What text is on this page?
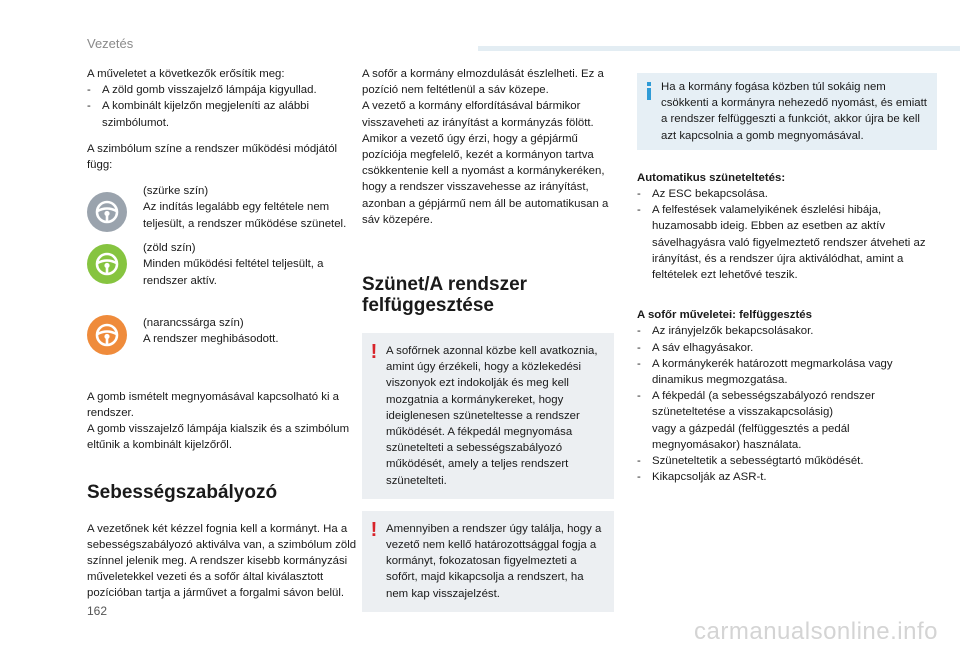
Vezetés

A műveletet a következők erősítik meg:

- A zöld gomb visszajelző lámpája kigyullad.
- A kombinált kijelzőn megjeleníti az alábbi szimbólumot.

A szimbólum színe a rendszer működési módjától függ:

(szürke szín)

Az indítás legalább egy feltétele nem teljesült, a rendszer működése szünetel.

(zöld szín)

Minden működési feltétel teljesült, a rendszer aktív.

(narancssárga szín)

A rendszer meghibásodott.

A gomb ismételt megnyomásával kapcsolható ki a rendszer.
A gomb visszajelző lámpája kialszik és a szimbólum eltűnik a kombinált kijelzőről.

Sebességszabályozó

A vezetőnek két kézzel fognia kell a kormányt. Ha a sebességszabályozó aktiválva van, a szimbólum zöld színnel jelenik meg. A rendszer kisebb kormányzási műveletekkel vezeti és a sofőr által kiválasztott pozícióban tartja a járművet a forgalmi sávon belül.

A sofőr a kormány elmozdulását észlelheti. Ez a pozíció nem feltétlenül a sáv közepe.
A vezető a kormány elfordításával bármikor visszaveheti az irányítást a kormányzás fölött. Amikor a vezető úgy érzi, hogy a gépjármű pozíciója megfelelő, kezét a kormányon tartva csökkentenie kell a nyomást a kormánykeréken, hogy a rendszer visszavehesse az irányítást, azonban a gépjármű nem áll be automatikusan a sáv közepére.

Szünet/A rendszer felfüggesztése
! A sofőrnek azonnal közbe kell avatkoznia, amint úgy érzékeli, hogy a közlekedési viszonyok ezt indokolják és meg kell mozgatnia a kormánykereket, hogy ideiglenesen szüneteltesse a rendszer működését. A fékpedál megnyomása szünetelteti a sebességszabályozó működését, amely a teljes rendszert szünetelteti.

! Amennyiben a rendszer úgy találja, hogy a vezető nem kellő határozottsággal fogja a kormányt, fokozatosan figyelmezteti a sofőrt, majd kikapcsolja a rendszert, ha nem kap visszajelzést.

Ha a kormány fogása közben túl sokáig nem csökkenti a kormányra nehezedő nyomást, és emiatt a rendszer felfüggeszti a funkciót, akkor újra be kell azt kapcsolnia a gomb megnyomásával.

Automatikus szüneteltetés:

- Az ESC bekapcsolása.
- A felfestések valamelyikének észlelési hibája, huzamosabb ideig. Ebben az esetben az aktív sávelhagyásra való figyelmeztető rendszer átveheti az irányítást, és a rendszer újra aktiválódhat, amint a feltételek ezt lehetővé teszik.

A sofőr műveletei: felfüggesztés

- Az irányjelzők bekapcsolásakor.
- A sáv elhagyásakor.
- A kormánykerék határozott megmarkolása vagy dinamikus megmozgatása.
- A fékpedál (a sebességszabályozó rendszer szüneteltetése a visszakapcsolásig)
vagy a gázpedál (felfüggesztés a pedál megnyomásakor) használata.
- Szüneteltetik a sebességtartó működését.
- Kikapcsolják az ASR-t.
162
carmanualsonline.info
